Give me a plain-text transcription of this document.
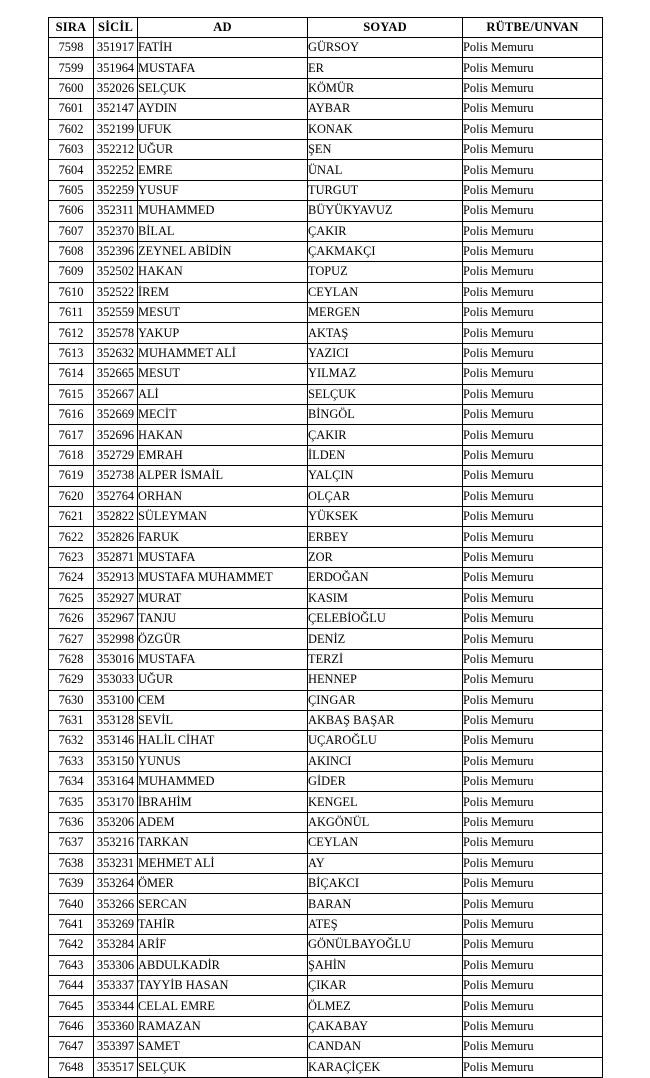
SIRA	SİCİL	AD	SOYAD	RÜTBE/UNVAN
7598	351917	FATİH	GÜRSOY	Polis Memuru
7599	351964	MUSTAFA	ER	Polis Memuru
7600	352026	SELÇUK	KÖMÜR	Polis Memuru
7601	352147	AYDIN	AYBAR	Polis Memuru
7602	352199	UFUK	KONAK	Polis Memuru
7603	352212	UĞUR	ŞEN	Polis Memuru
7604	352252	EMRE	ÜNAL	Polis Memuru
7605	352259	YUSUF	TURGUT	Polis Memuru
7606	352311	MUHAMMED	BÜYÜKYAVUZ	Polis Memuru
7607	352370	BİLAL	ÇAKIR	Polis Memuru
7608	352396	ZEYNEL ABİDİN	ÇAKMAKÇI	Polis Memuru
7609	352502	HAKAN	TOPUZ	Polis Memuru
7610	352522	İREM	CEYLAN	Polis Memuru
7611	352559	MESUT	MERGEN	Polis Memuru
7612	352578	YAKUP	AKTAŞ	Polis Memuru
7613	352632	MUHAMMET ALİ	YAZICI	Polis Memuru
7614	352665	MESUT	YILMAZ	Polis Memuru
7615	352667	ALİ	SELÇUK	Polis Memuru
7616	352669	MECİT	BİNGÖL	Polis Memuru
7617	352696	HAKAN	ÇAKIR	Polis Memuru
7618	352729	EMRAH	İLDEN	Polis Memuru
7619	352738	ALPER İSMAİL	YALÇIN	Polis Memuru
7620	352764	ORHAN	OLÇAR	Polis Memuru
7621	352822	SÜLEYMAN	YÜKSEK	Polis Memuru
7622	352826	FARUK	ERBEY	Polis Memuru
7623	352871	MUSTAFA	ZOR	Polis Memuru
7624	352913	MUSTAFA MUHAMMET	ERDOĞAN	Polis Memuru
7625	352927	MURAT	KASIM	Polis Memuru
7626	352967	TANJU	ÇELEBİOĞLU	Polis Memuru
7627	352998	ÖZGÜR	DENİZ	Polis Memuru
7628	353016	MUSTAFA	TERZİ	Polis Memuru
7629	353033	UĞUR	HENNEP	Polis Memuru
7630	353100	CEM	ÇINGAR	Polis Memuru
7631	353128	SEVİL	AKBAŞ BAŞAR	Polis Memuru
7632	353146	HALİL CİHAT	UÇAROĞLU	Polis Memuru
7633	353150	YUNUS	AKINCI	Polis Memuru
7634	353164	MUHAMMED	GİDER	Polis Memuru
7635	353170	İBRAHİM	KENGEL	Polis Memuru
7636	353206	ADEM	AKGÖNÜL	Polis Memuru
7637	353216	TARKAN	CEYLAN	Polis Memuru
7638	353231	MEHMET ALİ	AY	Polis Memuru
7639	353264	ÖMER	BİÇAKCI	Polis Memuru
7640	353266	SERCAN	BARAN	Polis Memuru
7641	353269	TAHİR	ATEŞ	Polis Memuru
7642	353284	ARİF	GÖNÜLBAYOĞLU	Polis Memuru
7643	353306	ABDULKADİR	ŞAHİN	Polis Memuru
7644	353337	TAYYİB HASAN	ÇIKAR	Polis Memuru
7645	353344	CELAL EMRE	ÖLMEZ	Polis Memuru
7646	353360	RAMAZAN	ÇAKABAY	Polis Memuru
7647	353397	SAMET	CANDAN	Polis Memuru
7648	353517	SELÇUK	KARAÇİÇEK	Polis Memuru
